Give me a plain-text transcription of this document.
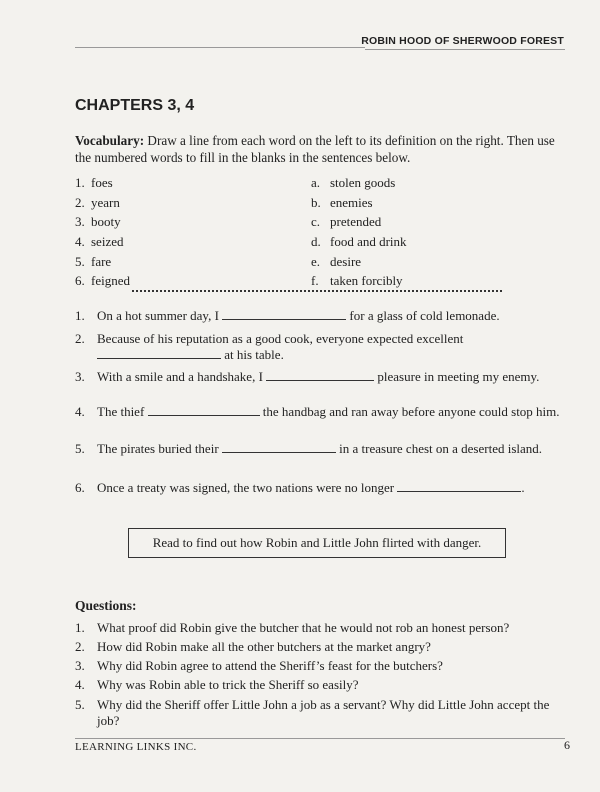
ROBIN HOOD OF SHERWOOD FOREST
CHAPTERS 3, 4
Vocabulary: Draw a line from each word on the left to its definition on the right. Then use the numbered words to fill in the blanks in the sentences below.
1. foes	a. stolen goods
2. yearn	b. enemies
3. booty	c. pretended
4. seized	d. food and drink
5. fare	e. desire
6. feigned	f. taken forcibly
1. On a hot summer day, I	for a glass of cold lemonade.
2. Because of his reputation as a good cook, everyone expected excellent  at his table.
3. With a smile and a handshake, I	pleasure in meeting my enemy.
4. The thief	the handbag and ran away before anyone could stop him.
5. The pirates buried their	in a treasure chest on a deserted island.
6. Once a treaty was signed, the two nations were no longer	.
Read to find out how Robin and Little John flirted with danger.
Questions:
1. What proof did Robin give the butcher that he would not rob an honest person?
2. How did Robin make all the other butchers at the market angry?
3. Why did Robin agree to attend the Sheriff’s feast for the butchers?
4. Why was Robin able to trick the Sheriff so easily?
5. Why did the Sheriff offer Little John a job as a servant? Why did Little John accept the job?
LEARNING LINKS INC.	6
